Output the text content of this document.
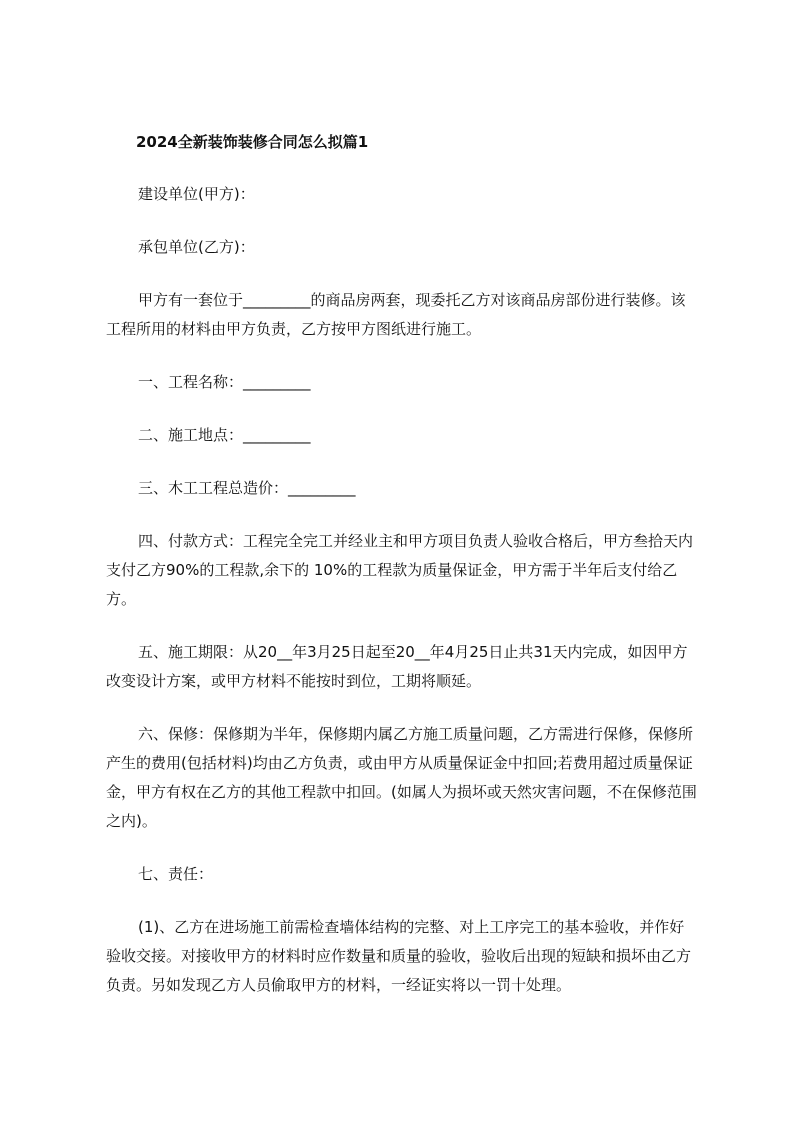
2024全新装饰装修合同怎么拟篇1

建设单位(甲方)：

承包单位(乙方)：

甲方有一套位于_________的商品房两套，现委托乙方对该商品房部份进行装修。该工程所用的材料由甲方负责，乙方按甲方图纸进行施工。

一、工程名称：_________

二、施工地点：_________

三、木工工程总造价：_________

四、付款方式：工程完全完工并经业主和甲方项目负责人验收合格后，甲方叁拾天内支付乙方90%的工程款,余下的 10%的工程款为质量保证金，甲方需于半年后支付给乙方。

五、施工期限：从20__年3月25日起至20__年4月25日止共31天内完成，如因甲方改变设计方案，或甲方材料不能按时到位，工期将顺延。

六、保修：保修期为半年，保修期内属乙方施工质量问题，乙方需进行保修，保修所产生的费用(包括材料)均由乙方负责，或由甲方从质量保证金中扣回;若费用超过质量保证金，甲方有权在乙方的其他工程款中扣回。(如属人为损坏或天然灾害问题，不在保修范围之内)。

七、责任：

(1)、乙方在进场施工前需检查墙体结构的完整、对上工序完工的基本验收，并作好验收交接。对接收甲方的材料时应作数量和质量的验收，验收后出现的短缺和损坏由乙方负责。另如发现乙方人员偷取甲方的材料，一经证实将以一罚十处理。
